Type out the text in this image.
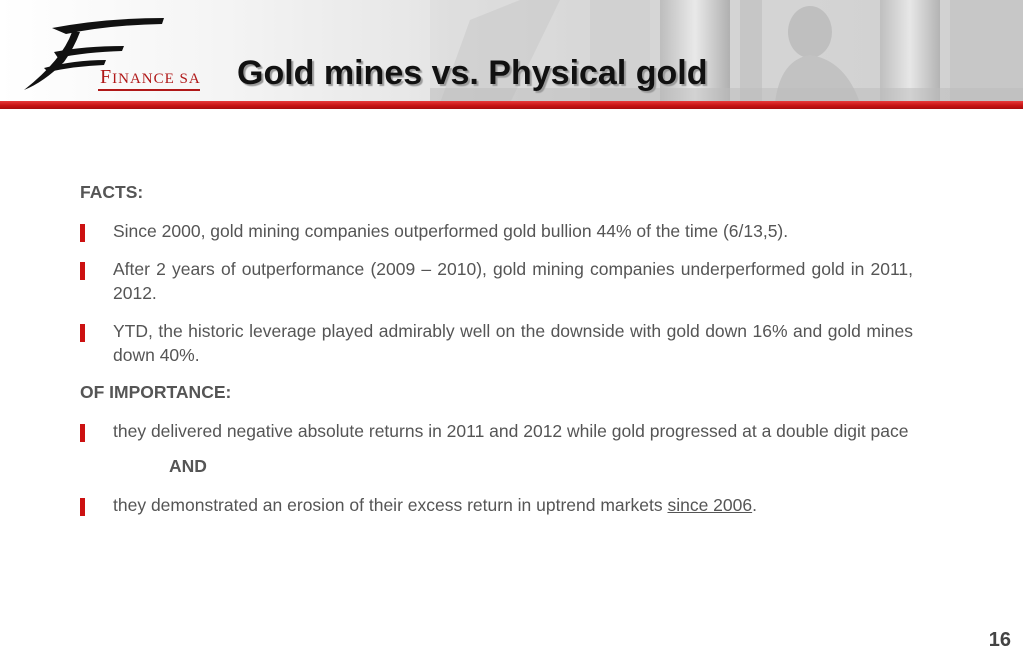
FINANCE SA Gold mines vs. Physical gold
FACTS:
Since 2000, gold mining companies outperformed gold bullion 44% of the time (6/13,5).
After 2 years of outperformance (2009 – 2010), gold mining companies underperformed gold in 2011, 2012.
YTD, the historic leverage played admirably well on the downside with gold down 16% and gold mines down 40%.
OF IMPORTANCE:
they delivered negative absolute returns in 2011 and 2012 while gold progressed at a double digit pace
AND
they demonstrated an erosion of their excess return in uptrend markets since 2006.
16
